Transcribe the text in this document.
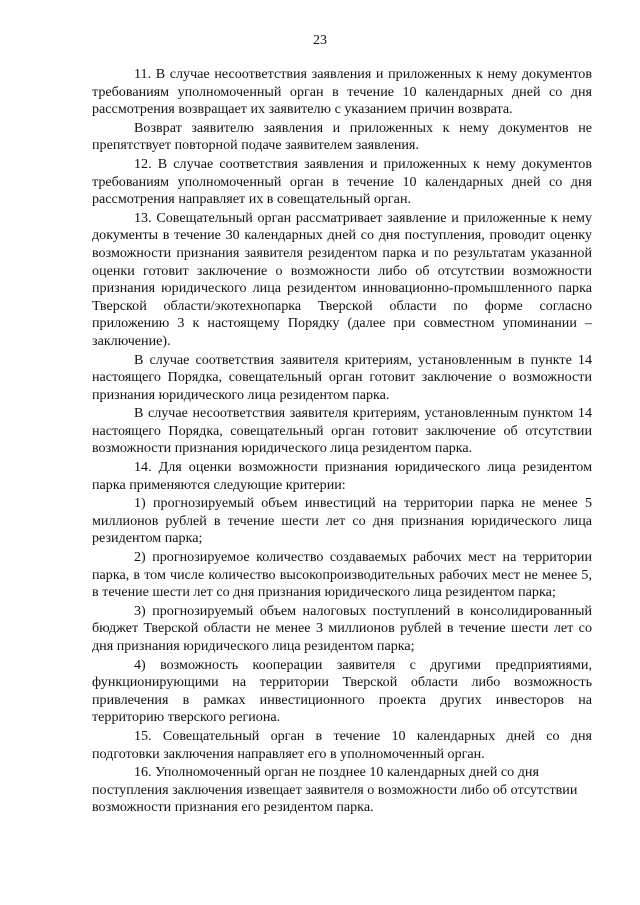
23

11. В случае несоответствия заявления и приложенных к нему документов требованиям уполномоченный орган в течение 10 календарных дней со дня рассмотрения возвращает их заявителю с указанием причин возврата.

Возврат заявителю заявления и приложенных к нему документов не препятствует повторной подаче заявителем заявления.

12. В случае соответствия заявления и приложенных к нему документов требованиям уполномоченный орган в течение 10 календарных дней со дня рассмотрения направляет их в совещательный орган.

13. Совещательный орган рассматривает заявление и приложенные к нему документы в течение 30 календарных дней со дня поступления, проводит оценку возможности признания заявителя резидентом парка и по результатам указанной оценки готовит заключение о возможности либо об отсутствии возможности признания юридического лица резидентом инновационно-промышленного парка Тверской области/экотехнопарка Тверской области по форме согласно приложению 3 к настоящему Порядку (далее при совместном упоминании – заключение).

В случае соответствия заявителя критериям, установленным в пункте 14 настоящего Порядка, совещательный орган готовит заключение о возможности признания юридического лица резидентом парка.

В случае несоответствия заявителя критериям, установленным пунктом 14 настоящего Порядка, совещательный орган готовит заключение об отсутствии возможности признания юридического лица резидентом парка.

14. Для оценки возможности признания юридического лица резидентом парка применяются следующие критерии:

1) прогнозируемый объем инвестиций на территории парка не менее 5 миллионов рублей в течение шести лет со дня признания юридического лица резидентом парка;

2) прогнозируемое количество создаваемых рабочих мест на территории парка, в том числе количество высокопроизводительных рабочих мест не менее 5, в течение шести лет со дня признания юридического лица резидентом парка;

3) прогнозируемый объем налоговых поступлений в консолидированный бюджет Тверской области не менее 3 миллионов рублей в течение шести лет со дня признания юридического лица резидентом парка;

4) возможность кооперации заявителя с другими предприятиями, функционирующими на территории Тверской области либо возможность привлечения в рамках инвестиционного проекта других инвесторов на территорию тверского региона.

15. Совещательный орган в течение 10 календарных дней со дня подготовки заключения направляет его в уполномоченный орган.

16. Уполномоченный орган не позднее 10 календарных дней со дня поступления заключения извещает заявителя о возможности либо об отсутствии возможности признания его резидентом парка.
